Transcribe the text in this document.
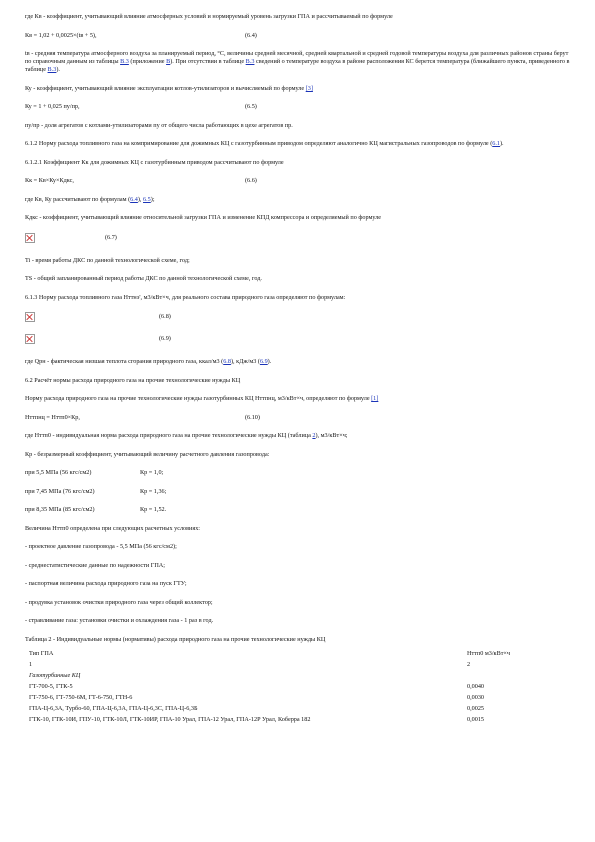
где Кв - коэффициент, учитывающий влияние атмосферных условий и нормируемый уровень загрузки ГПА и рассчитываемый по формуле

Кв = 1,02 + 0,0025×(tв + 5),	(6.4)

tв - средняя температура атмосферного воздуха за планируемый период, °С, величины средней месячной, средней квартальной и средней годовой температуры воздуха для различных районов страны берут по справочным данным из таблицы В.3 (приложение В). При отсутствии в таблице В.3 сведений о температуре воздуха в районе расположения КС берется температура (ближайшего пункта, приведенного в таблице В.3).

Ку - коэффициент, учитывающий влияние эксплуатации котлов-утилизаторов и вычисляемый по формуле [3]

Ку = 1 + 0,025 пу/пр,	(6.5)

пу/пр - доля агрегатов с котлами-утилизаторами пу от общего числа работающих в цехе агрегатов пр.

6.1.2 Норму расхода топливного газа на компримирование для дожимных КЦ с газотурбинным приводом определяют аналогично КЦ магистральных газопроводов по формуле (6.1).

6.1.2.1 Коэффициент Кк для дожимных КЦ с газотурбинным приводом рассчитывают по формуле

Кк = Кв×Ку×Кдкс,	(6.6)

где Кв, Ку рассчитывают по формулам (6.4), 6.5);

Кдкс - коэффициент, учитывающий влияние относительной загрузки ГПА и изменение КПД компрессора и определяемый по формуле

(6.7)

Ti - время работы ДКС по данной технологической схеме, год;

TS - общий запланированный период работы ДКС по данной технологической схеме, год.

6.1.3 Норму расхода топливного газа Нттнэ', м3/кВт×ч, для реального состава природного газа определяют по формулам:

(6.8)
(6.9)

где Qрн - фактическая низшая теплота сгорания природного газа, ккал/м3 (6.8), кДж/м3 (6.9).

6.2 Расчёт нормы расхода природного газа на прочие технологические нужды КЦ

Норму расхода природного газа на прочие технологические нужды газотурбинных КЦ Нттпнц, м3/кВт×ч, определяют по формуле [1]

Нттпнц = Нттп0×Кр,	(6.10)

где Нттп0 - индивидуальная норма расхода природного газа на прочие технологические нужды КЦ (таблица 2), м3/кВт×ч;

Кр - безразмерный коэффициент, учитывающий величину расчетного давления газопровода:

при 5,5 МПа (56 кгс/см2)	Кр = 1,0;
при 7,45 МПа (76 кгс/см2)	Кр = 1,36;
при 8,35 МПа (85 кгс/см2)	Кр = 1,52.

Величина Нттп0 определена при следующих расчетных условиях:

- проектное давление газопровода - 5,5 МПа (56 кгс/см2);

- среднестатистические данные по надежности ГПА;

- паспортная величина расхода природного газа на пуск ГТУ;

- продувка установок очистки природного газа через общий коллектор;

- стравливание газа: установки очистки и охлаждения газа - 1 раз в год.

Таблица 2 - Индивидуальные нормы (нормативы) расхода природного газа на прочие технологические нужды КЦ

Тип ГПА	Нттп0 м3/кВт×ч
1	2
Газотурбинные КЦ	
ГТ-700-5, ГТК-5	0,0040
ГТ-750-6, ГТ-750-6М, ГТ-6-750, ГТН-6	0,0030
ГПА-Ц-6,3А, Турбо-60, ГПА-Ц-6,3А, ГПА-Ц-6,3С, ГПА-Ц-6,3Б	0,0025
ГТК-10, ГТК-10И, ГПУ-10, ГТК-10Л, ГТК-10ИР, ГПА-10 Урал, ГПА-12 Урал, ГПА-12Р Урал, Коберра 182	0,0015
